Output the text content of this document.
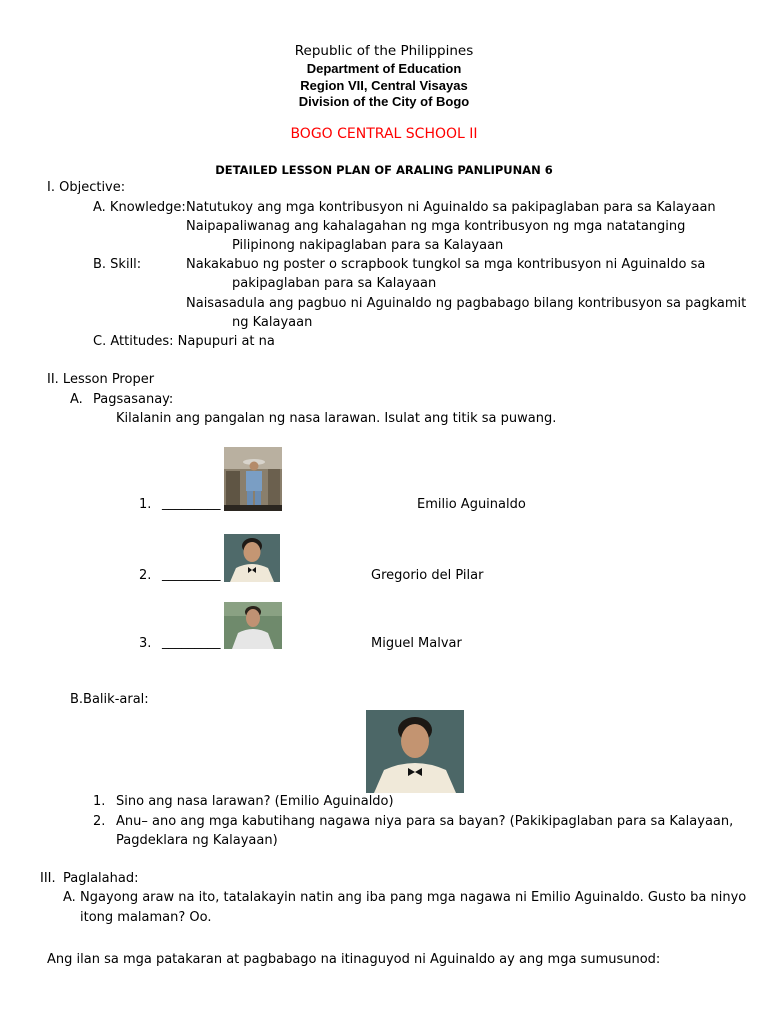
Republic of the Philippines
Department of Education
Region VII, Central Visayas
Division of the City of Bogo
BOGO CENTRAL SCHOOL II
DETAILED LESSON PLAN OF ARALING PANLIPUNAN 6
I. Objective:
A. Knowledge: Natutukoy ang mga kontribusyon ni Aguinaldo sa pakipaglaban para sa Kalayaan
Naipapaliwanag ang kahalagahan ng mga kontribusyon ng mga natatanging
Pilipinong nakipaglaban para sa Kalayaan
B. Skill:	Nakakabuo ng poster o scrapbook tungkol sa mga kontribusyon ni Aguinaldo sa
pakipaglaban para sa Kalayaan
Naisasadula ang pagbuo ni Aguinaldo ng pagbabago bilang kontribusyon sa pagkamit
ng Kalayaan
C. Attitudes: Napupuri at na
II. Lesson Proper
A. Pagsasanay:
Kilalanin ang pangalan ng nasa larawan. Isulat ang titik sa puwang.
1. _________	Emilio Aguinaldo
2. _________	Gregorio del Pilar
3. _________	Miguel Malvar
B.Balik-aral:
1. Sino ang nasa larawan? (Emilio Aguinaldo)
2. Anu– ano ang mga kabutihang nagawa niya para sa bayan? (Pakikipaglaban para sa Kalayaan,
Pagdeklara ng Kalayaan)
III. Paglalahad:
A. Ngayong araw na ito, tatalakayin natin ang iba pang mga nagawa ni Emilio Aguinaldo. Gusto ba ninyo
itong malaman? Oo.
Ang ilan sa mga patakaran at pagbabago na itinaguyod ni Aguinaldo ay ang mga sumusunod:
